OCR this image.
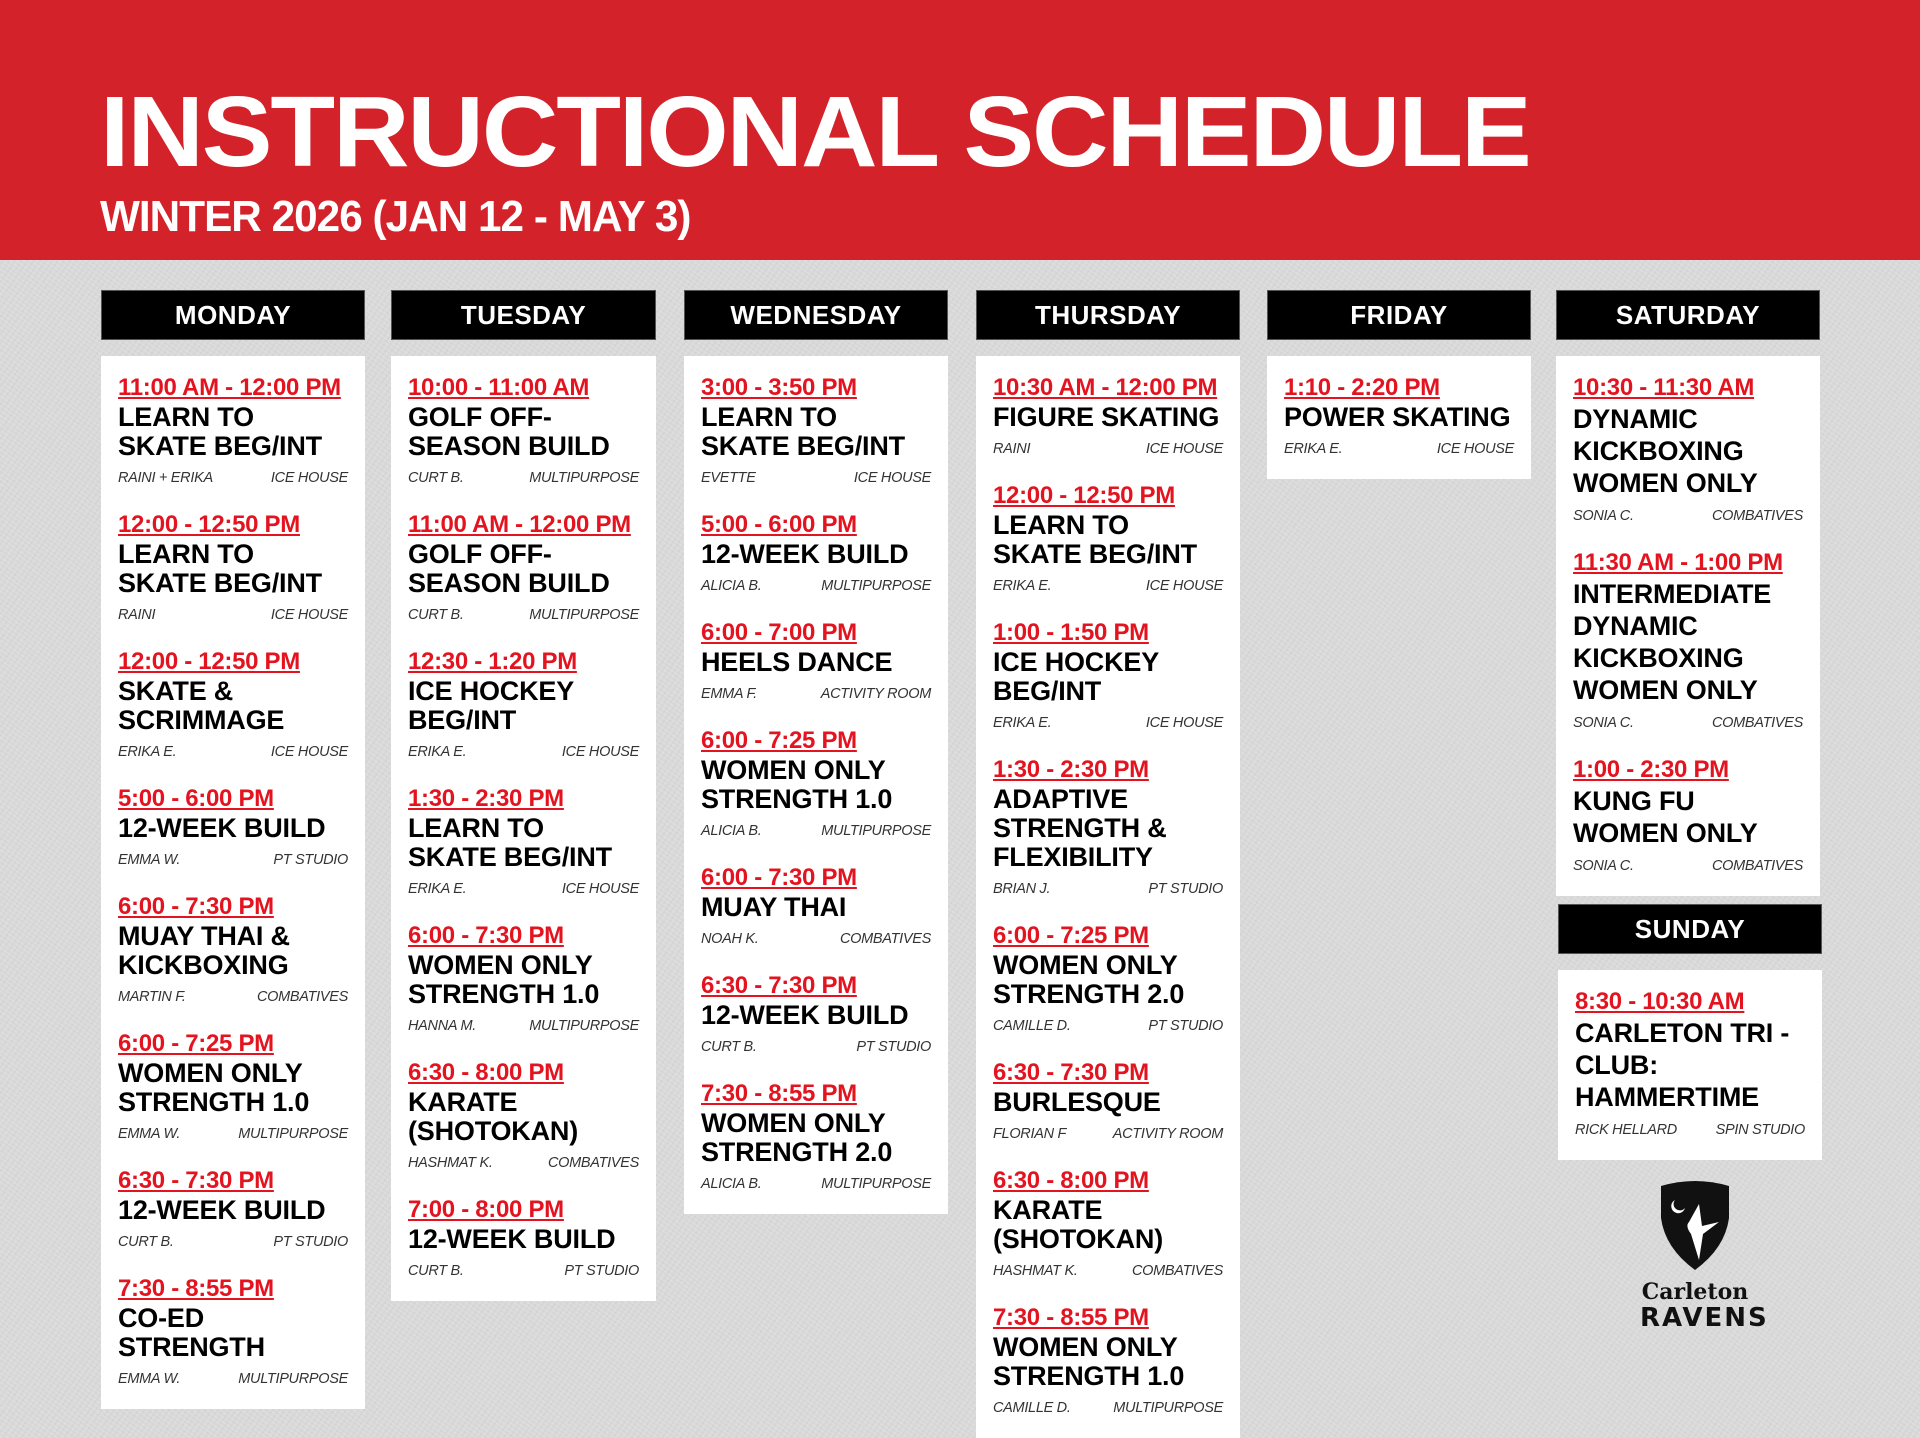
INSTRUCTIONAL SCHEDULE
WINTER 2026 (JAN 12 - MAY 3)
MONDAY
11:00 AM - 12:00 PM
LEARN TO SKATE BEG/INT
RAINI + ERIKA	ICE HOUSE
12:00 - 12:50 PM
LEARN TO SKATE BEG/INT
RAINI	ICE HOUSE
12:00 - 12:50 PM
SKATE & SCRIMMAGE
ERIKA E.	ICE HOUSE
5:00 - 6:00 PM
12-WEEK BUILD
EMMA W.	PT STUDIO
6:00 - 7:30 PM
MUAY THAI & KICKBOXING
MARTIN F.	COMBATIVES
6:00 - 7:25 PM
WOMEN ONLY STRENGTH 1.0
EMMA W.	MULTIPURPOSE
6:30 - 7:30 PM
12-WEEK BUILD
CURT B.	PT STUDIO
7:30 - 8:55 PM
CO-ED STRENGTH
EMMA W.	MULTIPURPOSE
TUESDAY
10:00 - 11:00 AM
GOLF OFF-SEASON BUILD
CURT B.	MULTIPURPOSE
11:00 AM - 12:00 PM
GOLF OFF-SEASON BUILD
CURT B.	MULTIPURPOSE
12:30 - 1:20 PM
ICE HOCKEY BEG/INT
ERIKA E.	ICE HOUSE
1:30 - 2:30 PM
LEARN TO SKATE BEG/INT
ERIKA E.	ICE HOUSE
6:00 - 7:30 PM
WOMEN ONLY STRENGTH 1.0
HANNA M.	MULTIPURPOSE
6:30 - 8:00 PM
KARATE (SHOTOKAN)
HASHMAT K.	COMBATIVES
7:00 - 8:00 PM
12-WEEK BUILD
CURT B.	PT STUDIO
WEDNESDAY
3:00 - 3:50 PM
LEARN TO SKATE BEG/INT
EVETTE	ICE HOUSE
5:00 - 6:00 PM
12-WEEK BUILD
ALICIA B.	MULTIPURPOSE
6:00 - 7:00 PM
HEELS DANCE
EMMA F.	ACTIVITY ROOM
6:00 - 7:25 PM
WOMEN ONLY STRENGTH 1.0
ALICIA B.	MULTIPURPOSE
6:00 - 7:30 PM
MUAY THAI
NOAH K.	COMBATIVES
6:30 - 7:30 PM
12-WEEK BUILD
CURT B.	PT STUDIO
7:30 - 8:55 PM
WOMEN ONLY STRENGTH 2.0
ALICIA B.	MULTIPURPOSE
THURSDAY
10:30 AM - 12:00 PM
FIGURE SKATING
RAINI	ICE HOUSE
12:00 - 12:50 PM
LEARN TO SKATE BEG/INT
ERIKA E.	ICE HOUSE
1:00 - 1:50 PM
ICE HOCKEY BEG/INT
ERIKA E.	ICE HOUSE
1:30 - 2:30 PM
ADAPTIVE STRENGTH & FLEXIBILITY
BRIAN J.	PT STUDIO
6:00 - 7:25 PM
WOMEN ONLY STRENGTH 2.0
CAMILLE D.	PT STUDIO
6:30 - 7:30 PM
BURLESQUE
FLORIAN F	ACTIVITY ROOM
6:30 - 8:00 PM
KARATE (SHOTOKAN)
HASHMAT K.	COMBATIVES
7:30 - 8:55 PM
WOMEN ONLY STRENGTH 1.0
CAMILLE D.	MULTIPURPOSE
FRIDAY
1:10 - 2:20 PM
POWER SKATING
ERIKA E.	ICE HOUSE
SATURDAY
10:30 - 11:30 AM
DYNAMIC KICKBOXING WOMEN ONLY
SONIA C.	COMBATIVES
11:30 AM - 1:00 PM
INTERMEDIATE DYNAMIC KICKBOXING WOMEN ONLY
SONIA C.	COMBATIVES
1:00 - 2:30 PM
KUNG FU WOMEN ONLY
SONIA C.	COMBATIVES
SUNDAY
8:30 - 10:30 AM
CARLETON TRI - CLUB: HAMMERTIME
RICK HELLARD	SPIN STUDIO
Carleton
RAVENS
